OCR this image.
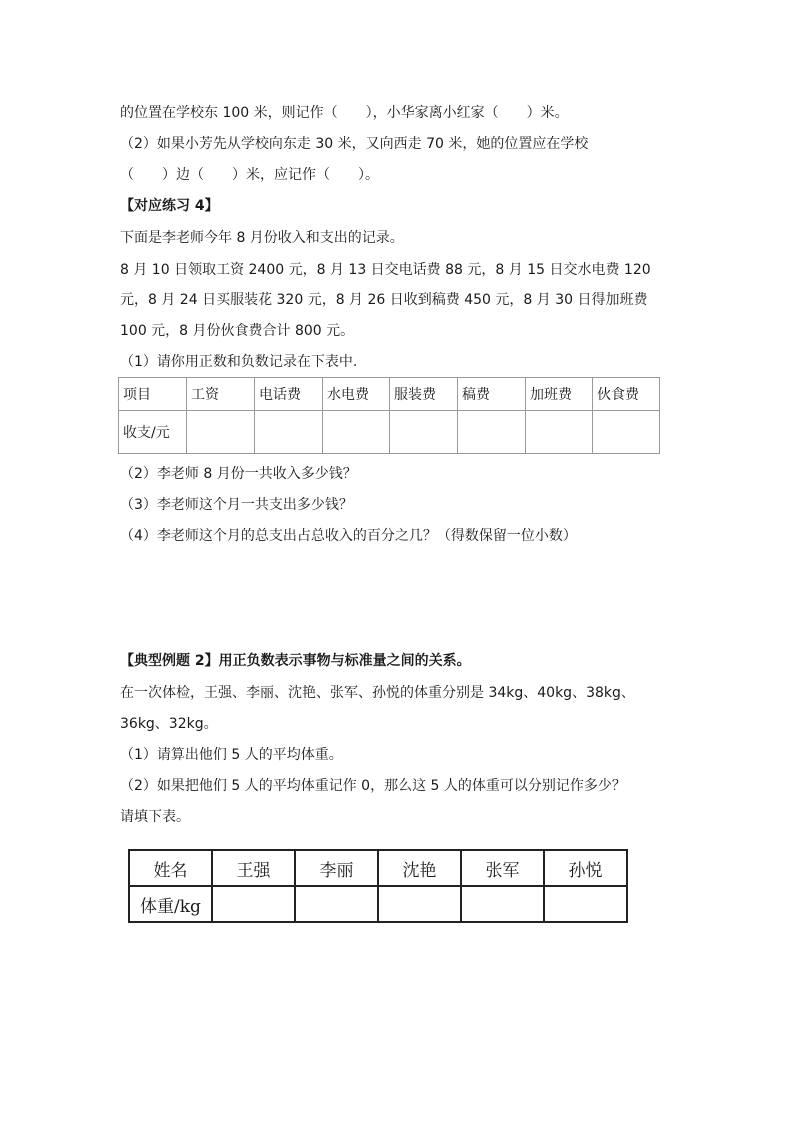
的位置在学校东 100 米，则记作（　　），小华家离小红家（　　）米。
（2）如果小芳先从学校向东走 30 米，又向西走 70 米，她的位置应在学校
（　　）边（　　）米，应记作（　　）。
【对应练习 4】
下面是李老师今年 8 月份收入和支出的记录。
8 月 10 日领取工资 2400 元，8 月 13 日交电话费 88 元，8 月 15 日交水电费 120
元，8 月 24 日买服装花 320 元，8 月 26 日收到稿费 450 元，8 月 30 日得加班费
100 元，8 月份伙食费合计 800 元。
（1）请你用正数和负数记录在下表中.
项目	工资	电话费	水电费	服装费	稿费	加班费	伙食费
收支/元							
（2）李老师 8 月份一共收入多少钱？
（3）李老师这个月一共支出多少钱？
（4）李老师这个月的总支出占总收入的百分之几？（得数保留一位小数）
【典型例题 2】用正负数表示事物与标准量之间的关系。
在一次体检，王强、李丽、沈艳、张军、孙悦的体重分别是 34kg、40kg、38kg、
36kg、32kg。
（1）请算出他们 5 人的平均体重。
（2）如果把他们 5 人的平均体重记作 0，那么这 5 人的体重可以分别记作多少？
请填下表。
姓名	王强	李丽	沈艳	张军	孙悦
体重/kg					
